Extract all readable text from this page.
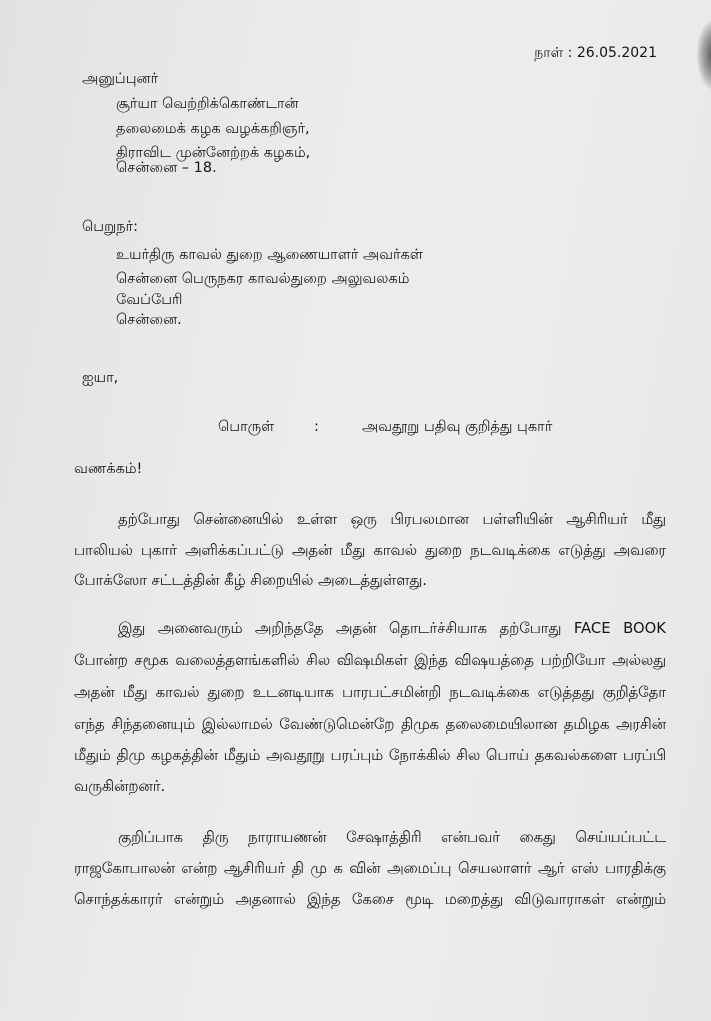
நாள் : 26.05.2021
அனுப்புனர்
சூர்யா வெற்றிக்கொண்டான்
தலைமைக் கழக வழக்கறிஞர்,
திராவிட முன்னேற்றக் கழகம்,
சென்னை – 18.
பெறுநர்:
உயர்திரு காவல் துறை ஆணையாளர் அவர்கள்
சென்னை பெருநகர காவல்துறை அலுவலகம்
வேப்பேரி
சென்னை.
ஐயா,
பொருள்	:	அவதூறு பதிவு குறித்து புகார்
வணக்கம்!
தற்போது சென்னையில் உள்ள ஒரு பிரபலமான பள்ளியின் ஆசிரியர் மீது
பாலியல் புகார் அளிக்கப்பட்டு அதன் மீது காவல் துறை நடவடிக்கை எடுத்து அவரை
போக்ஸோ சட்டத்தின் கீழ் சிறையில் அடைத்துள்ளது.
இது அனைவரும் அறிந்ததே அதன் தொடர்ச்சியாக தற்போது FACE BOOK
போன்ற சமூக வலைத்தளங்களில் சில விஷமிகள் இந்த விஷயத்தை பற்றியோ அல்லது
அதன் மீது காவல் துறை உடனடியாக பாரபட்சமின்றி நடவடிக்கை எடுத்தது குறித்தோ
எந்த சிந்தனையும் இல்லாமல் வேண்டுமென்றே திமுக தலைமையிலான தமிழக அரசின்
மீதும் திமு கழகத்தின் மீதும் அவதூறு பரப்பும் நோக்கில் சில பொய் தகவல்களை பரப்பி
வருகின்றனர்.
குறிப்பாக திரு நாராயணன் சேஷாத்திரி என்பவர் கைது செய்யப்பட்ட
ராஜகோபாலன் என்ற ஆசிரியர் தி மு க வின் அமைப்பு செயலாளர் ஆர் எஸ் பாரதிக்கு
சொந்தக்காரர் என்றும் அதனால் இந்த கேசை மூடி மறைத்து விடுவாராகள் என்றும்
